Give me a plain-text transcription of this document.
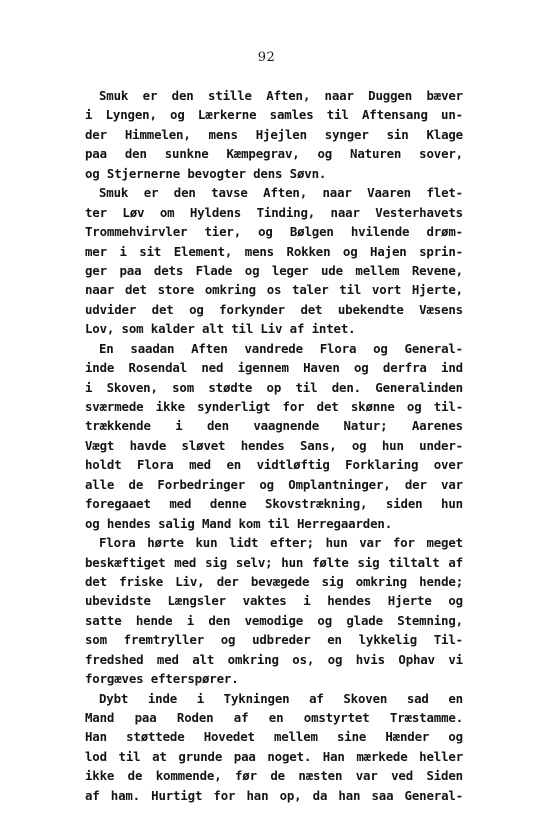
92
Smuk er den stille Aften, naar Duggen bæver
i Lyngen, og Lærkerne samles til Aftensang un-
der Himmelen, mens Hjejlen synger sin Klage
paa den sunkne Kæmpegrav, og Naturen sover,
og Stjernerne bevogter dens Søvn.
Smuk er den tavse Aften, naar Vaaren flet-
ter Løv om Hyldens Tinding, naar Vesterhavets
Trommehvirvler tier, og Bølgen hvilende drøm-
mer i sit Element, mens Rokken og Hajen sprin-
ger paa dets Flade og leger ude mellem Revene,
naar det store omkring os taler til vort Hjerte,
udvider det og forkynder det ubekendte Væsens
Lov, som kalder alt til Liv af intet.
En saadan Aften vandrede Flora og General-
inde Rosendal ned igennem Haven og derfra ind
i Skoven, som stødte op til den. Generalinden
sværmede ikke synderligt for det skønne og til-
trækkende i den vaagnende Natur; Aarenes
Vægt havde sløvet hendes Sans, og hun under-
holdt Flora med en vidtløftig Forklaring over
alle de Forbedringer og Omplantninger, der var
foregaaet med denne Skovstrækning, siden hun
og hendes salig Mand kom til Herregaarden.
Flora hørte kun lidt efter; hun var for meget
beskæftiget med sig selv; hun følte sig tiltalt af
det friske Liv, der bevægede sig omkring hende;
ubevidste Længsler vaktes i hendes Hjerte og
satte hende i den vemodige og glade Stemning,
som fremtryller og udbreder en lykkelig Til-
fredshed med alt omkring os, og hvis Ophav vi
forgæves efterspører.
Dybt inde i Tykningen af Skoven sad en
Mand paa Roden af en omstyrtet Træstamme.
Han støttede Hovedet mellem sine Hænder og
lod til at grunde paa noget. Han mærkede heller
ikke de kommende, før de næsten var ved Siden
af ham. Hurtigt for han op, da han saa General-
